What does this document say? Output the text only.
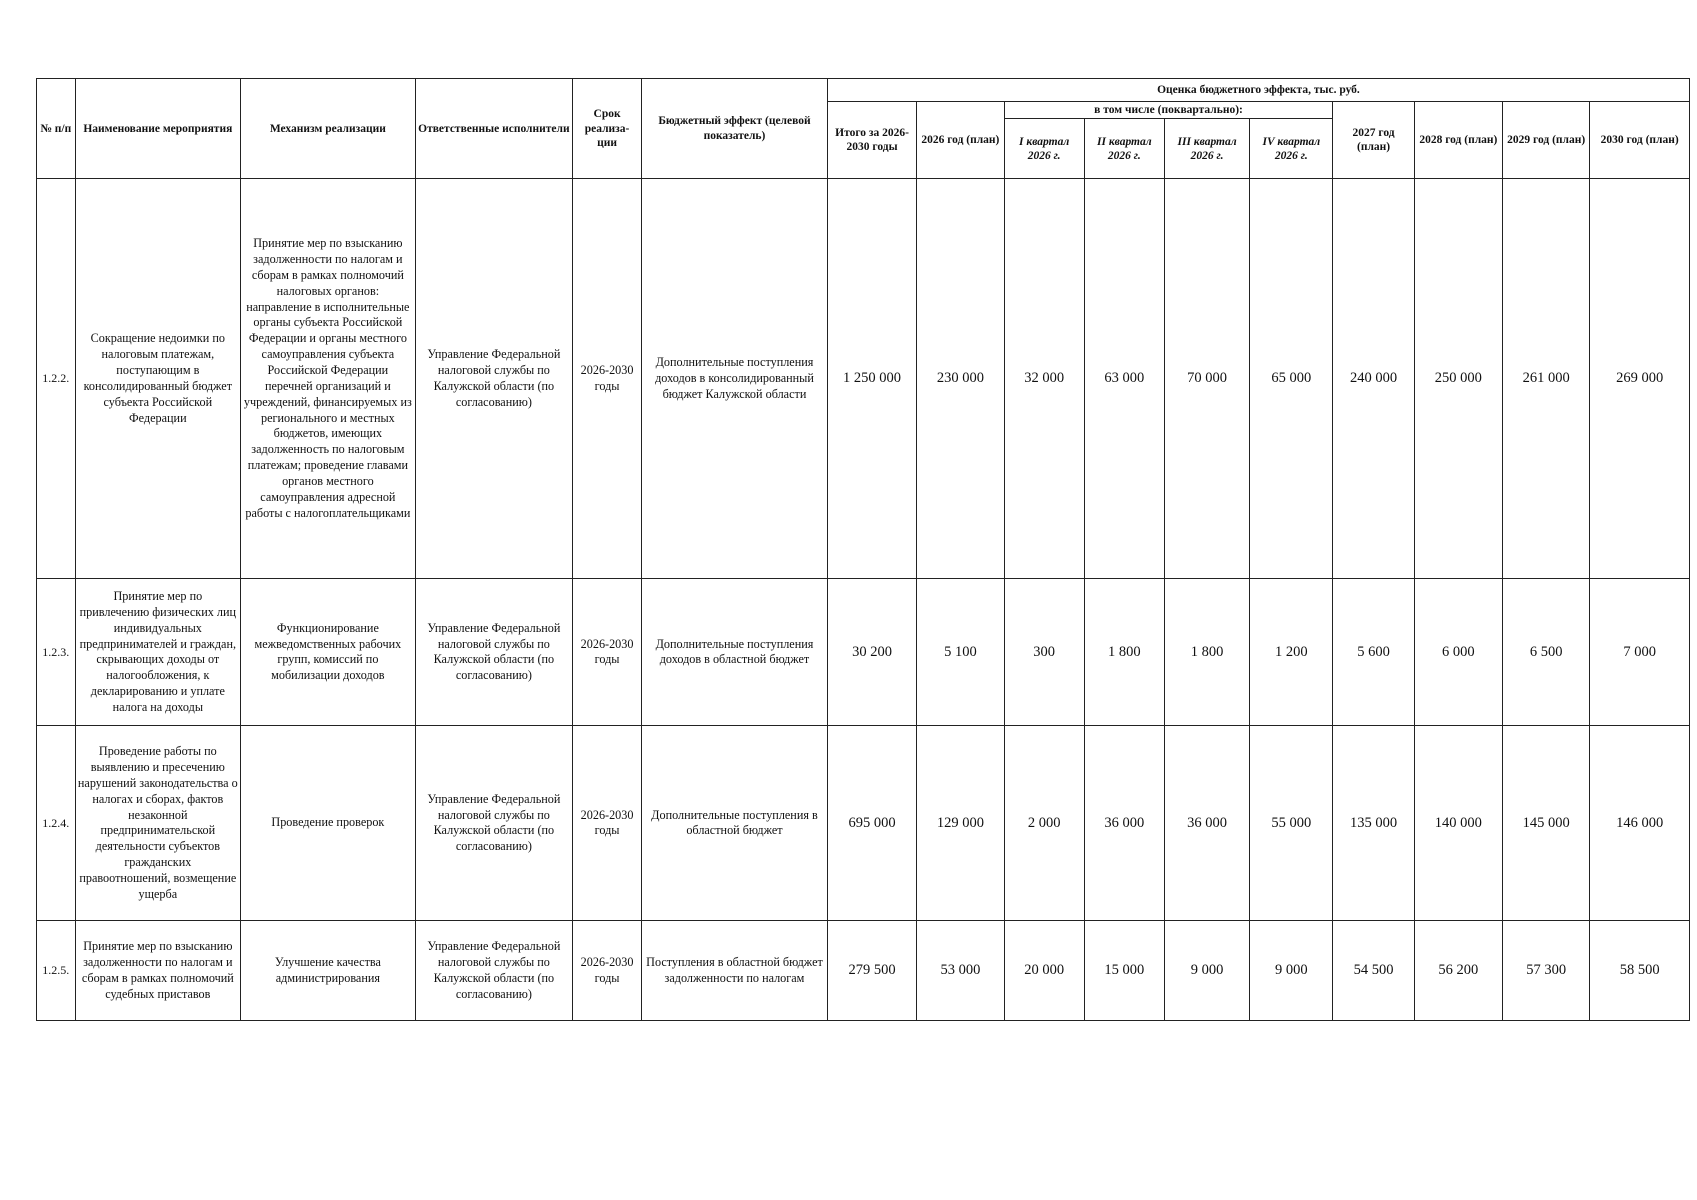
№ п/п	Наименование мероприятия	Механизм реализации	Ответственные исполнители	Срок реализа-ции	Бюджетный эффект (целевой показатель)	Оценка бюджетного эффекта, тыс. руб.									
						Итого за 2026-2030 годы	2026 год (план)	в том числе (поквартально):				2027 год (план)	2028 год (план)	2029 год (план)	2030 год (план)
								I квартал 2026 г.	II квартал 2026 г.	III квартал 2026 г.	IV квартал 2026 г.				
1.2.2.	Сокращение недоимки по налоговым платежам, поступающим в консолидированный бюджет субъекта Российской Федерации	Принятие мер по взысканию задолженности по налогам и сборам в рамках полномочий налоговых органов: направление в исполнительные органы субъекта Российской Федерации и органы местного самоуправления субъекта Российской Федерации перечней организаций и учреждений, финансируемых из регионального и местных бюджетов, имеющих задолженность по налоговым платежам; проведение главами органов местного самоуправления адресной работы с налогоплательщиками	Управление Федеральной налоговой службы по Калужской области (по согласованию)	2026-2030 годы	Дополнительные поступления доходов в консолидированный бюджет Калужской области	1 250 000	230 000	32 000	63 000	70 000	65 000	240 000	250 000	261 000	269 000
1.2.3.	Принятие мер по привлечению физических лиц индивидуальных предпринимателей и граждан, скрывающих доходы от налогообложения, к декларированию и уплате налога на доходы	Функционирование межведомственных рабочих групп, комиссий по мобилизации доходов	Управление Федеральной налоговой службы по Калужской области (по согласованию)	2026-2030 годы	Дополнительные поступления доходов в областной бюджет	30 200	5 100	300	1 800	1 800	1 200	5 600	6 000	6 500	7 000
1.2.4.	Проведение работы по выявлению и пресечению нарушений законодательства о налогах и сборах, фактов незаконной предпринимательской деятельности субъектов гражданских правоотношений, возмещение ущерба	Проведение проверок	Управление Федеральной налоговой службы по Калужской области (по согласованию)	2026-2030 годы	Дополнительные поступления в областной бюджет	695 000	129 000	2 000	36 000	36 000	55 000	135 000	140 000	145 000	146 000
1.2.5.	Принятие мер по взысканию задолженности по налогам и сборам в рамках полномочий судебных приставов	Улучшение качества администрирования	Управление Федеральной налоговой службы по Калужской области (по согласованию)	2026-2030 годы	Поступления в областной бюджет задолженности по налогам	279 500	53 000	20 000	15 000	9 000	9 000	54 500	56 200	57 300	58 500
